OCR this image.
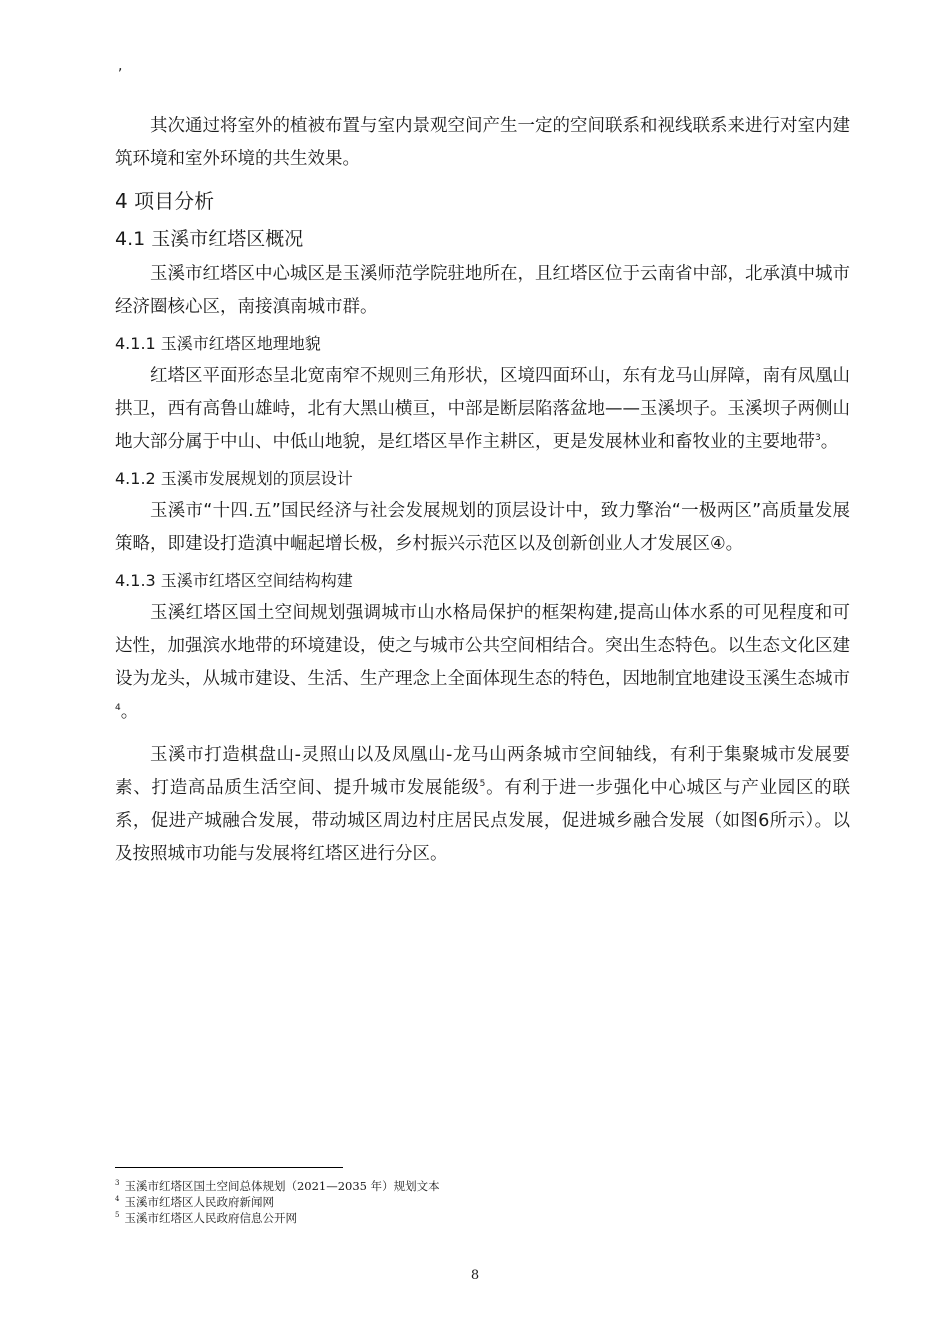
,

其次通过将室外的植被布置与室内景观空间产生一定的空间联系和视线联系来进行对室内建筑环境和室外环境的共生效果。

4 项目分析
4.1 玉溪市红塔区概况

玉溪市红塔区中心城区是玉溪师范学院驻地所在，且红塔区位于云南省中部，北承滇中城市经济圈核心区，南接滇南城市群。

4.1.1 玉溪市红塔区地理地貌

红塔区平面形态呈北宽南窄不规则三角形状，区境四面环山，东有龙马山屏障，南有凤凰山拱卫，西有高鲁山雄峙，北有大黑山横亘，中部是断层陷落盆地——玉溪坝子。玉溪坝子两侧山地大部分属于中山、中低山地貌，是红塔区旱作主耕区，更是发展林业和畜牧业的主要地带$^3$。

4.1.2 玉溪市发展规划的顶层设计

玉溪市“十四.五”国民经济与社会发展规划的顶层设计中，致力擎治“一极两区”高质量发展策略，即建设打造滇中崛起增长极，乡村振兴示范区以及创新创业人才发展区④。

4.1.3 玉溪市红塔区空间结构构建

玉溪红塔区国土空间规划强调城市山水格局保护的框架构建,提高山体水系的可见程度和可达性，加强滨水地带的环境建设，使之与城市公共空间相结合。突出生态特色。以生态文化区建设为龙头，从城市建设、生活、生产理念上全面体现生态的特色，因地制宜地建设玉溪生态城市$^4$。

玉溪市打造棋盘山-灵照山以及凤凰山-龙马山两条城市空间轴线，有利于集聚城市发展要素、打造高品质生活空间、提升城市发展能级$^5$。有利于进一步强化中心城区与产业园区的联系，促进产城融合发展，带动城区周边村庄居民点发展，促进城乡融合发展（如图6所示）。以及按照城市功能与发展将红塔区进行分区。

$^3$ 玉溪市红塔区国土空间总体规划（2021—2035 年）规划文本
$^4$ 玉溪市红塔区人民政府新闻网
$^5$ 玉溪市红塔区人民政府信息公开网
8
